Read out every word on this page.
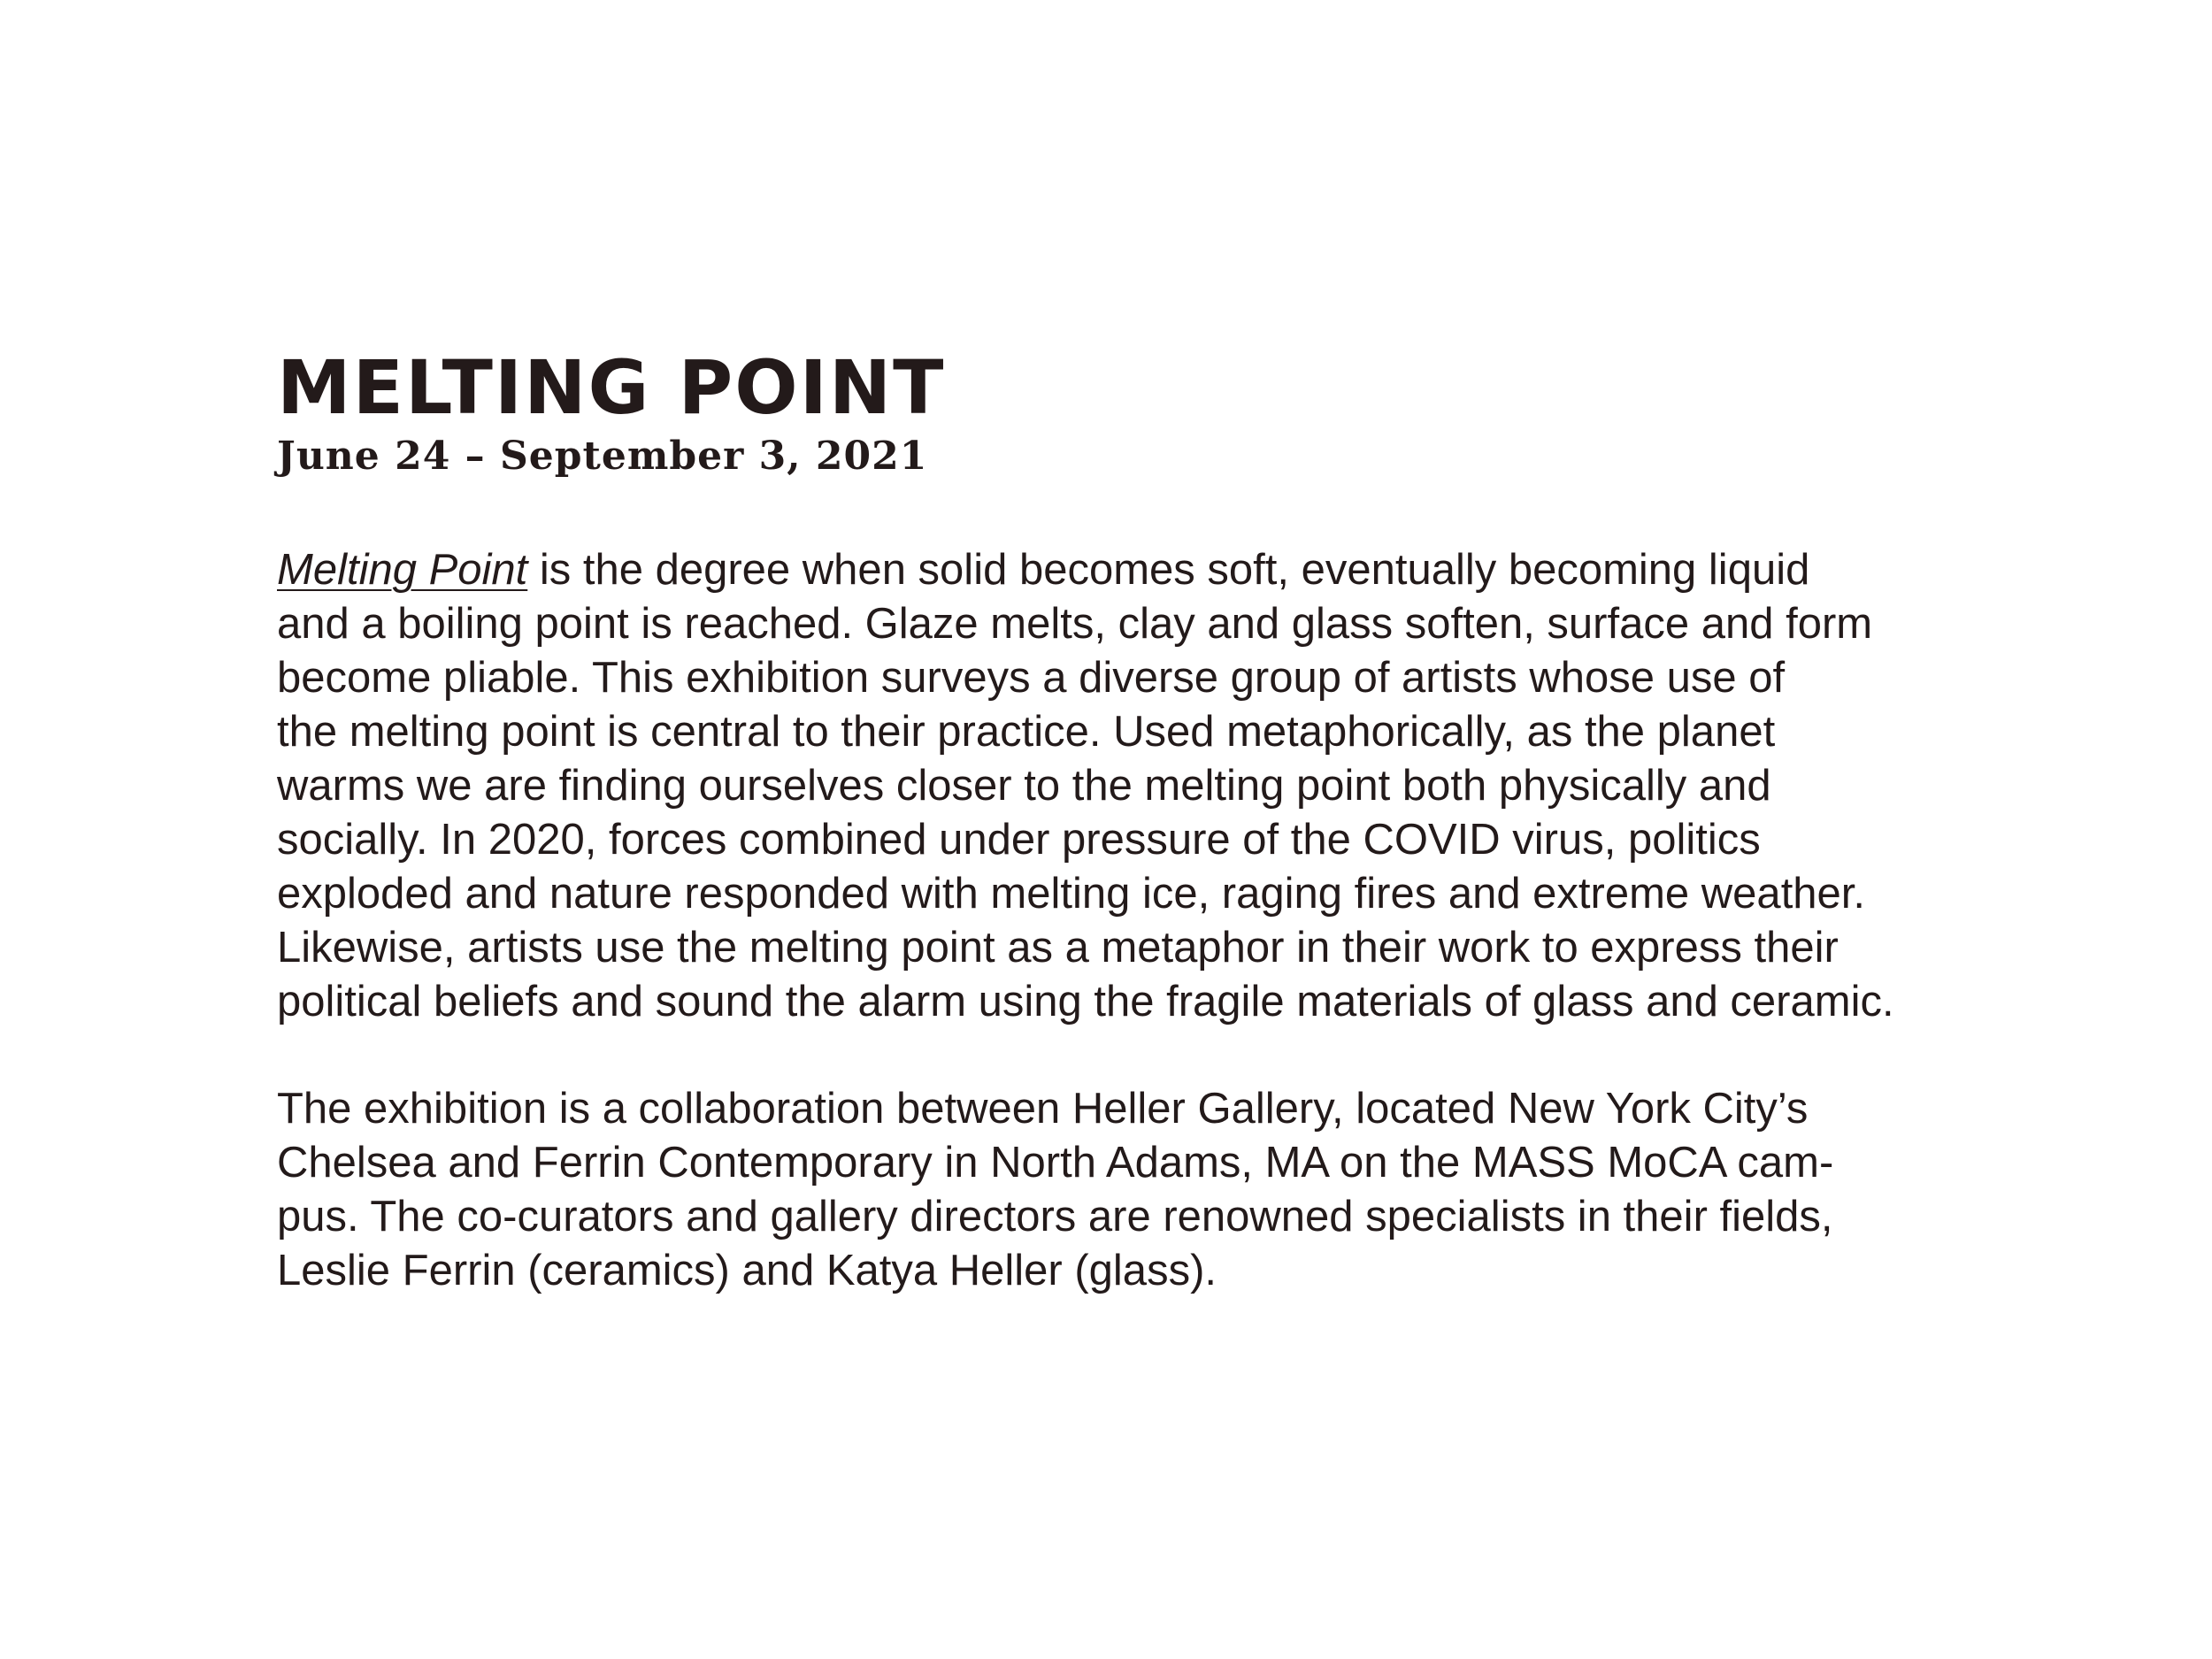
MELTING POINT
June 24 – September 3, 2021

Melting Point is the degree when solid becomes soft, eventually becoming liquid
and a boiling point is reached. Glaze melts, clay and glass soften, surface and form
become pliable. This exhibition surveys a diverse group of artists whose use of
the melting point is central to their practice. Used metaphorically, as the planet
warms we are finding ourselves closer to the melting point both physically and
socially. In 2020, forces combined under pressure of the COVID virus, politics
exploded and nature responded with melting ice, raging fires and extreme weather.
Likewise, artists use the melting point as a metaphor in their work to express their
political beliefs and sound the alarm using the fragile materials of glass and ceramic.

The exhibition is a collaboration between Heller Gallery, located New York City’s
Chelsea and Ferrin Contemporary in North Adams, MA on the MASS MoCA cam-
pus. The co-curators and gallery directors are renowned specialists in their fields,
Leslie Ferrin (ceramics) and Katya Heller (glass).
